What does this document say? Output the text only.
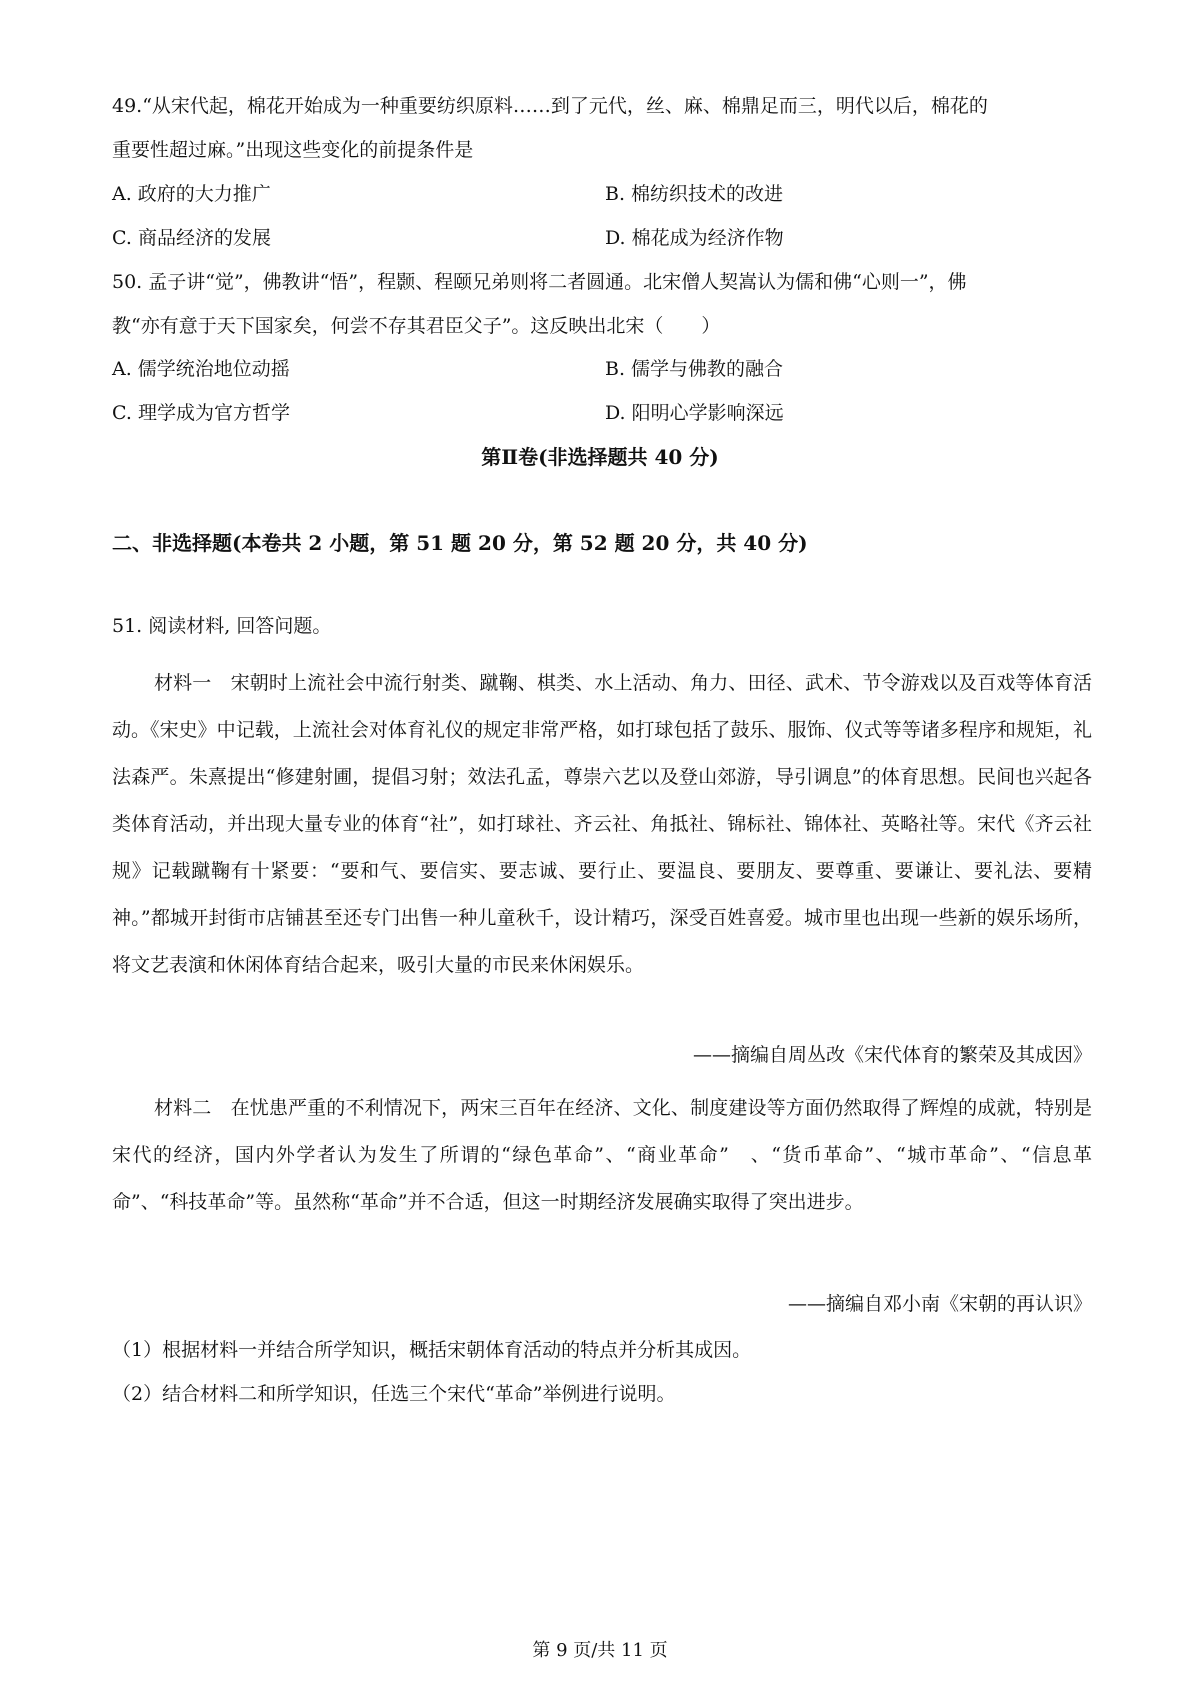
49.“从宋代起，棉花开始成为一种重要纺织原料……到了元代，丝、麻、棉鼎足而三，明代以后，棉花的
重要性超过麻。”出现这些变化的前提条件是
A. 政府的大力推广	B. 棉纺织技术的改进
C. 商品经济的发展	D. 棉花成为经济作物
50. 孟子讲“觉”，佛教讲“悟”，程颢、程颐兄弟则将二者圆通。北宋僧人契嵩认为儒和佛“心则一”，佛
教“亦有意于天下国家矣，何尝不存其君臣父子”。这反映出北宋（　　）
A. 儒学统治地位动摇	B. 儒学与佛教的融合
C. 理学成为官方哲学	D. 阳明心学影响深远
第Ⅱ卷(非选择题共 40 分)
二、非选择题(本卷共 2 小题，第 51 题 20 分，第 52 题 20 分，共 40 分)
51. 阅读材料, 回答问题。
材料一　宋朝时上流社会中流行射类、蹴鞠、棋类、水上活动、角力、田径、武术、节令游戏以及百戏等体育活动。《宋史》中记载，上流社会对体育礼仪的规定非常严格，如打球包括了鼓乐、服饰、仪式等等诸多程序和规矩，礼法森严。朱熹提出“修建射圃，提倡习射；效法孔孟，尊崇六艺以及登山郊游，导引调息”的体育思想。民间也兴起各类体育活动，并出现大量专业的体育“社”，如打球社、齐云社、角抵社、锦标社、锦体社、英略社等。宋代《齐云社规》记载蹴鞠有十紧要：“要和气、要信实、要志诚、要行止、要温良、要朋友、要尊重、要谦让、要礼法、要精神。”都城开封街市店铺甚至还专门出售一种儿童秋千，设计精巧，深受百姓喜爱。城市里也出现一些新的娱乐场所，将文艺表演和休闲体育结合起来，吸引大量的市民来休闲娱乐。
——摘编自周丛改《宋代体育的繁荣及其成因》
材料二　在忧患严重的不利情况下，两宋三百年在经济、文化、制度建设等方面仍然取得了辉煌的成就，特别是宋代的经济，国内外学者认为发生了所谓的“绿色革命”、“商业革命”　、“货币革命”、“城市革命”、“信息革命”、“科技革命”等。虽然称“革命”并不合适，但这一时期经济发展确实取得了突出进步。
——摘编自邓小南《宋朝的再认识》
（1）根据材料一并结合所学知识，概括宋朝体育活动的特点并分析其成因。
（2）结合材料二和所学知识，任选三个宋代“革命”举例进行说明。
第 9 页/共 11 页
